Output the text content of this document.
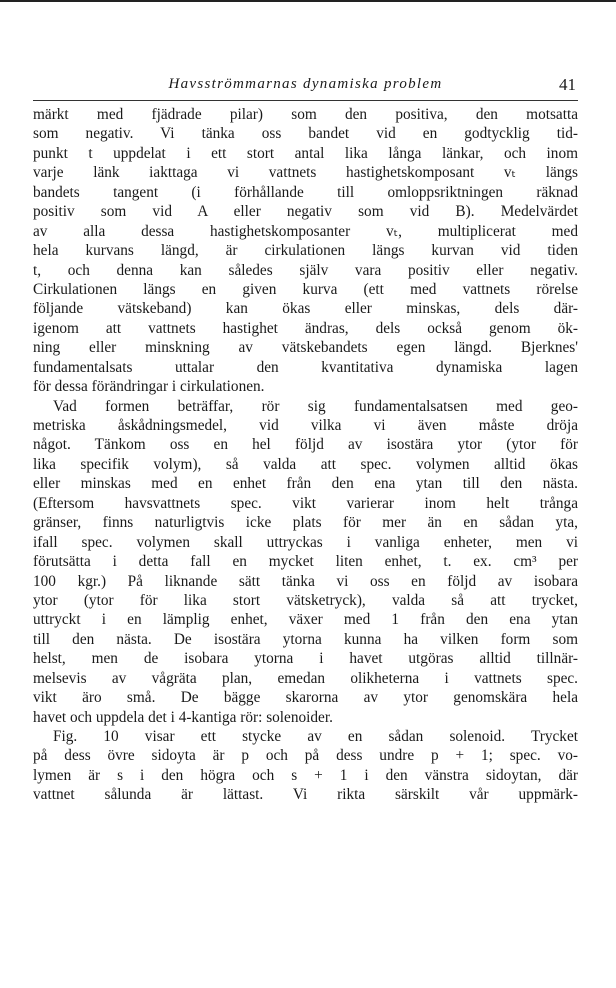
Havsströmmarnas dynamiska problem	41
märkt med fjädrade pilar) som den positiva, den motsatta
som negativ. Vi tänka oss bandet vid en godtycklig tid-
punkt t uppdelat i ett stort antal lika långa länkar, och inom
varje länk iakttaga vi vattnets hastighetskomposant vₜ längs
bandets tangent (i förhållande till omloppsriktningen räknad
positiv som vid A eller negativ som vid B). Medelvärdet
av alla dessa hastighetskomposanter vₜ, multiplicerat med
hela kurvans längd, är cirkulationen längs kurvan vid tiden
t, och denna kan således själv vara positiv eller negativ.
Cirkulationen längs en given kurva (ett med vattnets rörelse
följande vätskeband) kan ökas eller minskas, dels där-
igenom att vattnets hastighet ändras, dels också genom ök-
ning eller minskning av vätskebandets egen längd. Bjerknes'
fundamentalsats uttalar den kvantitativa dynamiska lagen
för dessa förändringar i cirkulationen.
Vad formen beträffar, rör sig fundamentalsatsen med geo-
metriska åskådningsmedel, vid vilka vi även måste dröja
något. Tänkom oss en hel följd av isostära ytor (ytor för
lika specifik volym), så valda att spec. volymen alltid ökas
eller minskas med en enhet från den ena ytan till den nästa.
(Eftersom havsvattnets spec. vikt varierar inom helt trånga
gränser, finns naturligtvis icke plats för mer än en sådan yta,
ifall spec. volymen skall uttryckas i vanliga enheter, men vi
förutsätta i detta fall en mycket liten enhet, t. ex. cm³ per
100 kgr.) På liknande sätt tänka vi oss en följd av isobara
ytor (ytor för lika stort vätsketryck), valda så att trycket,
uttryckt i en lämplig enhet, växer med 1 från den ena ytan
till den nästa. De isostära ytorna kunna ha vilken form som
helst, men de isobara ytorna i havet utgöras alltid tillnär-
melsevis av vågräta plan, emedan olikheterna i vattnets spec.
vikt äro små. De bägge skarorna av ytor genomskära hela
havet och uppdela det i 4-kantiga rör: solenoider.
Fig. 10 visar ett stycke av en sådan solenoid. Trycket
på dess övre sidoyta är p och på dess undre p + 1; spec. vo-
lymen är s i den högra och s + 1 i den vänstra sidoytan, där
vattnet sålunda är lättast. Vi rikta särskilt vår uppmärk-
